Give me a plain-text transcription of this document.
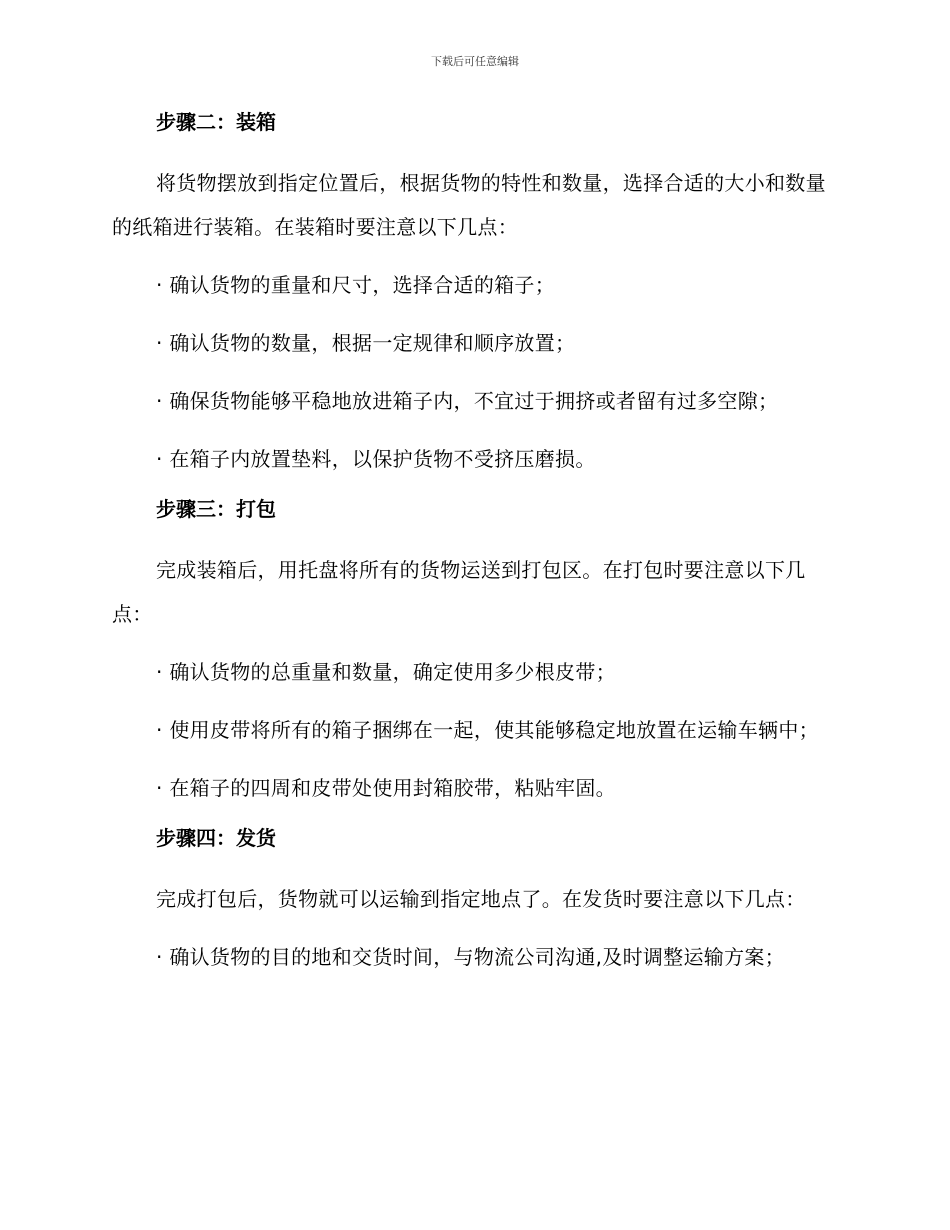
下载后可任意编辑
步骤二：装箱
将货物摆放到指定位置后，根据货物的特性和数量，选择合适的大小和数量的纸箱进行装箱。在装箱时要注意以下几点：
· 确认货物的重量和尺寸，选择合适的箱子；
· 确认货物的数量，根据一定规律和顺序放置；
· 确保货物能够平稳地放进箱子内，不宜过于拥挤或者留有过多空隙；
· 在箱子内放置垫料，以保护货物不受挤压磨损。
步骤三：打包
完成装箱后，用托盘将所有的货物运送到打包区。在打包时要注意以下几点：
· 确认货物的总重量和数量，确定使用多少根皮带；
· 使用皮带将所有的箱子捆绑在一起，使其能够稳定地放置在运输车辆中；
· 在箱子的四周和皮带处使用封箱胶带，粘贴牢固。
步骤四：发货
完成打包后，货物就可以运输到指定地点了。在发货时要注意以下几点：
· 确认货物的目的地和交货时间，与物流公司沟通,及时调整运输方案；
